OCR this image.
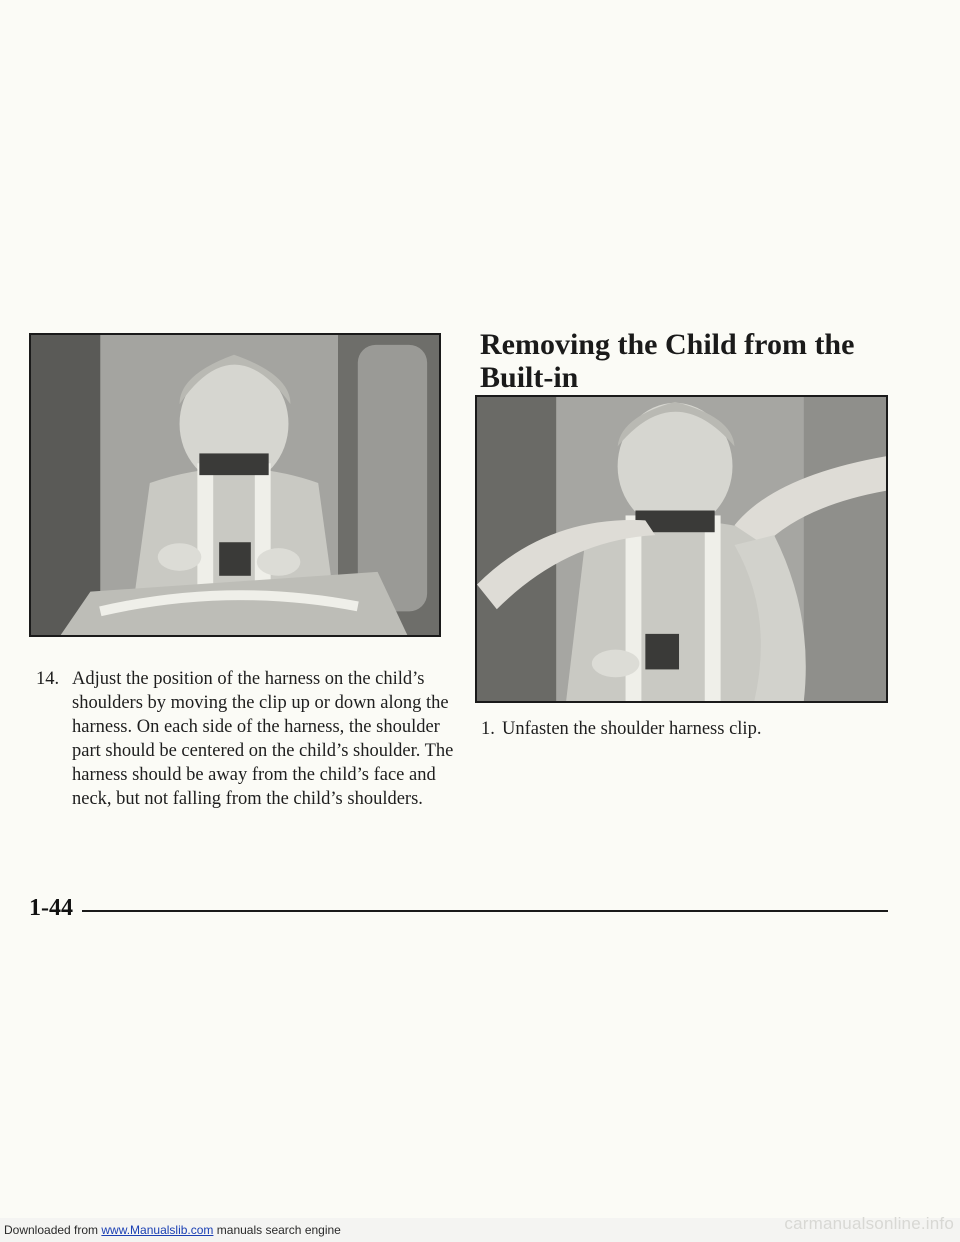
Removing the Child from the Built-in

14. Adjust the position of the harness on the child’s shoulders by moving the clip up or down along the harness. On each side of the harness, the shoulder part should be centered on the child’s shoulder. The harness should be away from the child’s face and neck, but not falling from the child’s shoulders.

1. Unfasten the shoulder harness clip.

1-44
Downloaded from www.Manualslib.com manuals search engine	carmanualsonline.info
